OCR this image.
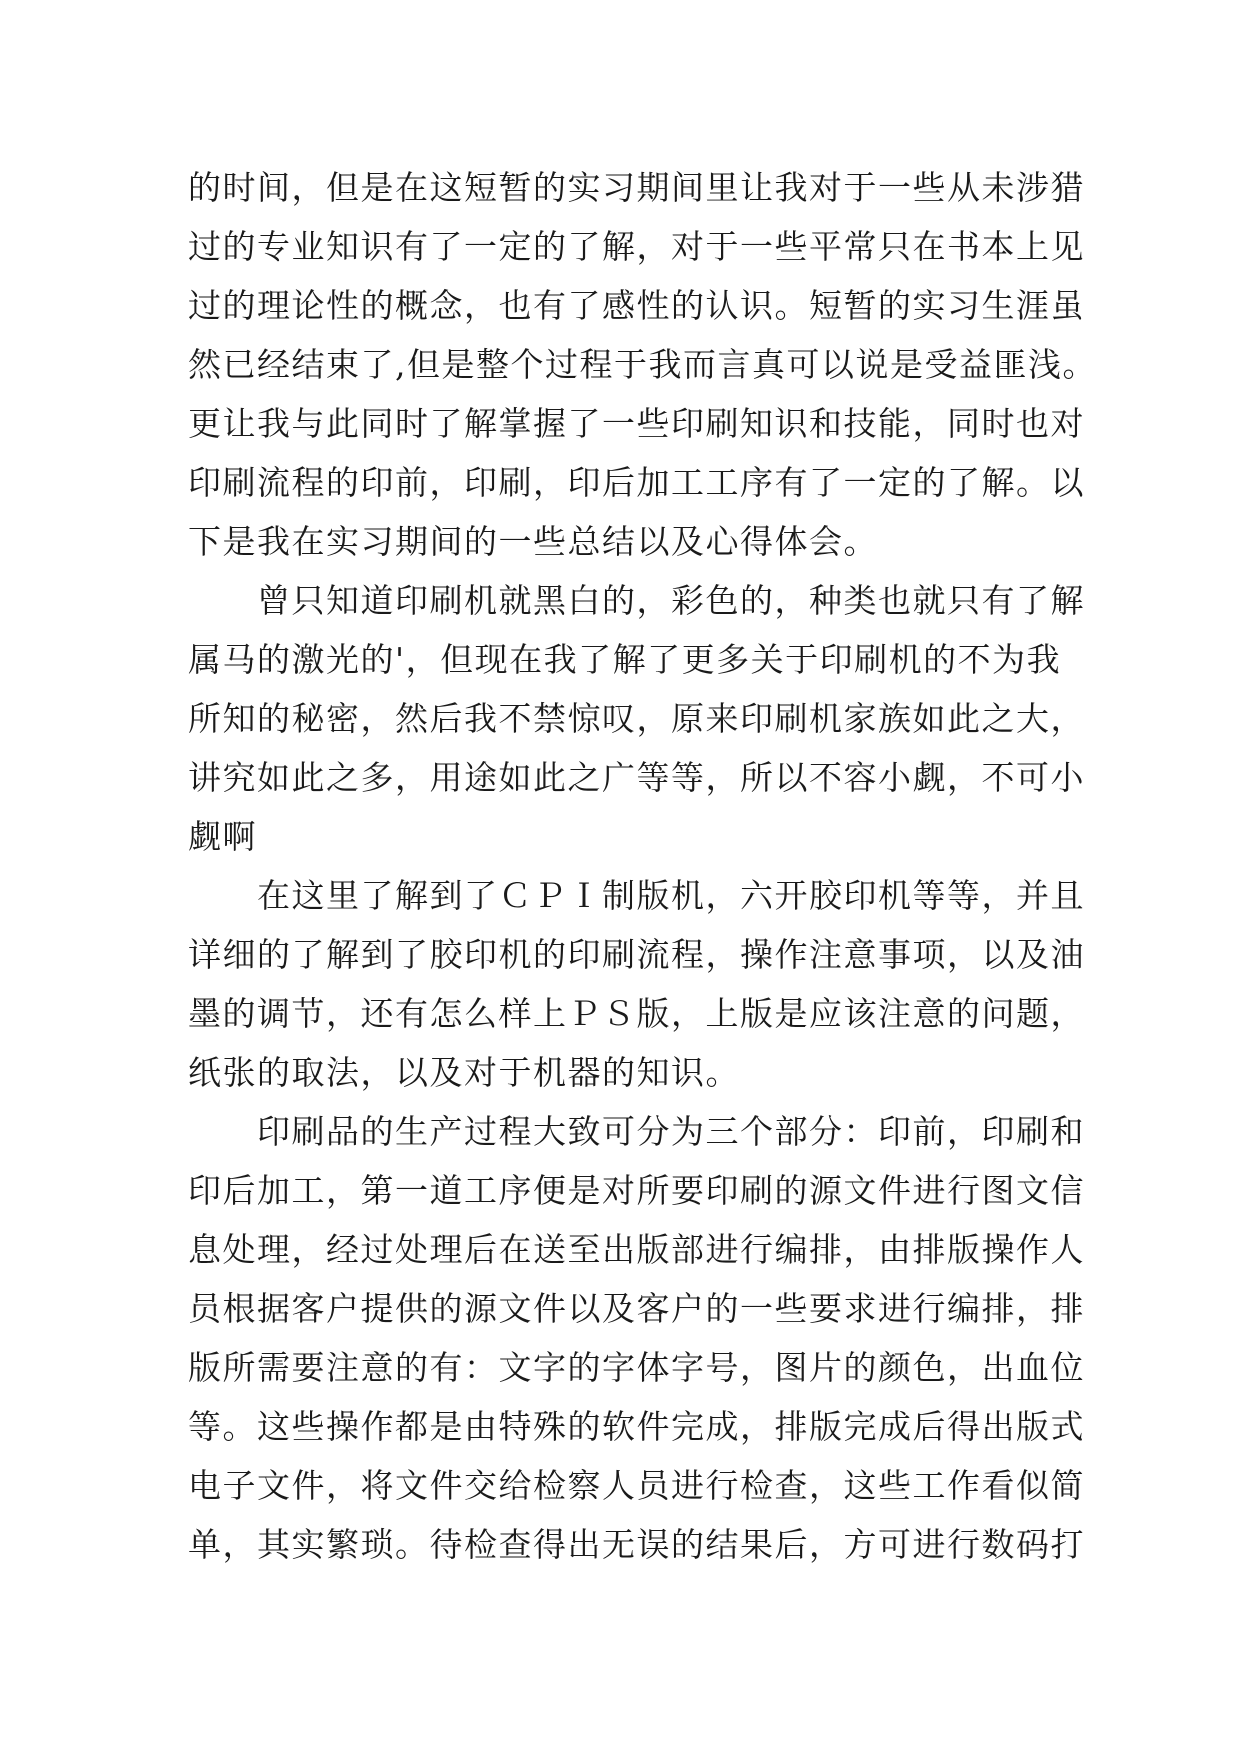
的时间，但是在这短暂的实习期间里让我对于一些从未涉猎
过的专业知识有了一定的了解，对于一些平常只在书本上见
过的理论性的概念，也有了感性的认识。短暂的实习生涯虽
然已经结束了,但是整个过程于我而言真可以说是受益匪浅。
更让我与此同时了解掌握了一些印刷知识和技能，同时也对
印刷流程的印前，印刷，印后加工工序有了一定的了解。以
下是我在实习期间的一些总结以及心得体会。
　　曾只知道印刷机就黑白的，彩色的，种类也就只有了解
属马的激光的'，但现在我了解了更多关于印刷机的不为我
所知的秘密，然后我不禁惊叹，原来印刷机家族如此之大，
讲究如此之多，用途如此之广等等，所以不容小觑，不可小
觑啊
　　在这里了解到了ＣＰＩ制版机，六开胶印机等等，并且
详细的了解到了胶印机的印刷流程，操作注意事项，以及油
墨的调节，还有怎么样上ＰＳ版，上版是应该注意的问题，
纸张的取法，以及对于机器的知识。
　　印刷品的生产过程大致可分为三个部分：印前，印刷和
印后加工，第一道工序便是对所要印刷的源文件进行图文信
息处理，经过处理后在送至出版部进行编排，由排版操作人
员根据客户提供的源文件以及客户的一些要求进行编排，排
版所需要注意的有：文字的字体字号，图片的颜色，出血位
等。这些操作都是由特殊的软件完成，排版完成后得出版式
电子文件，将文件交给检察人员进行检查，这些工作看似简
单，其实繁琐。待检查得出无误的结果后，方可进行数码打
